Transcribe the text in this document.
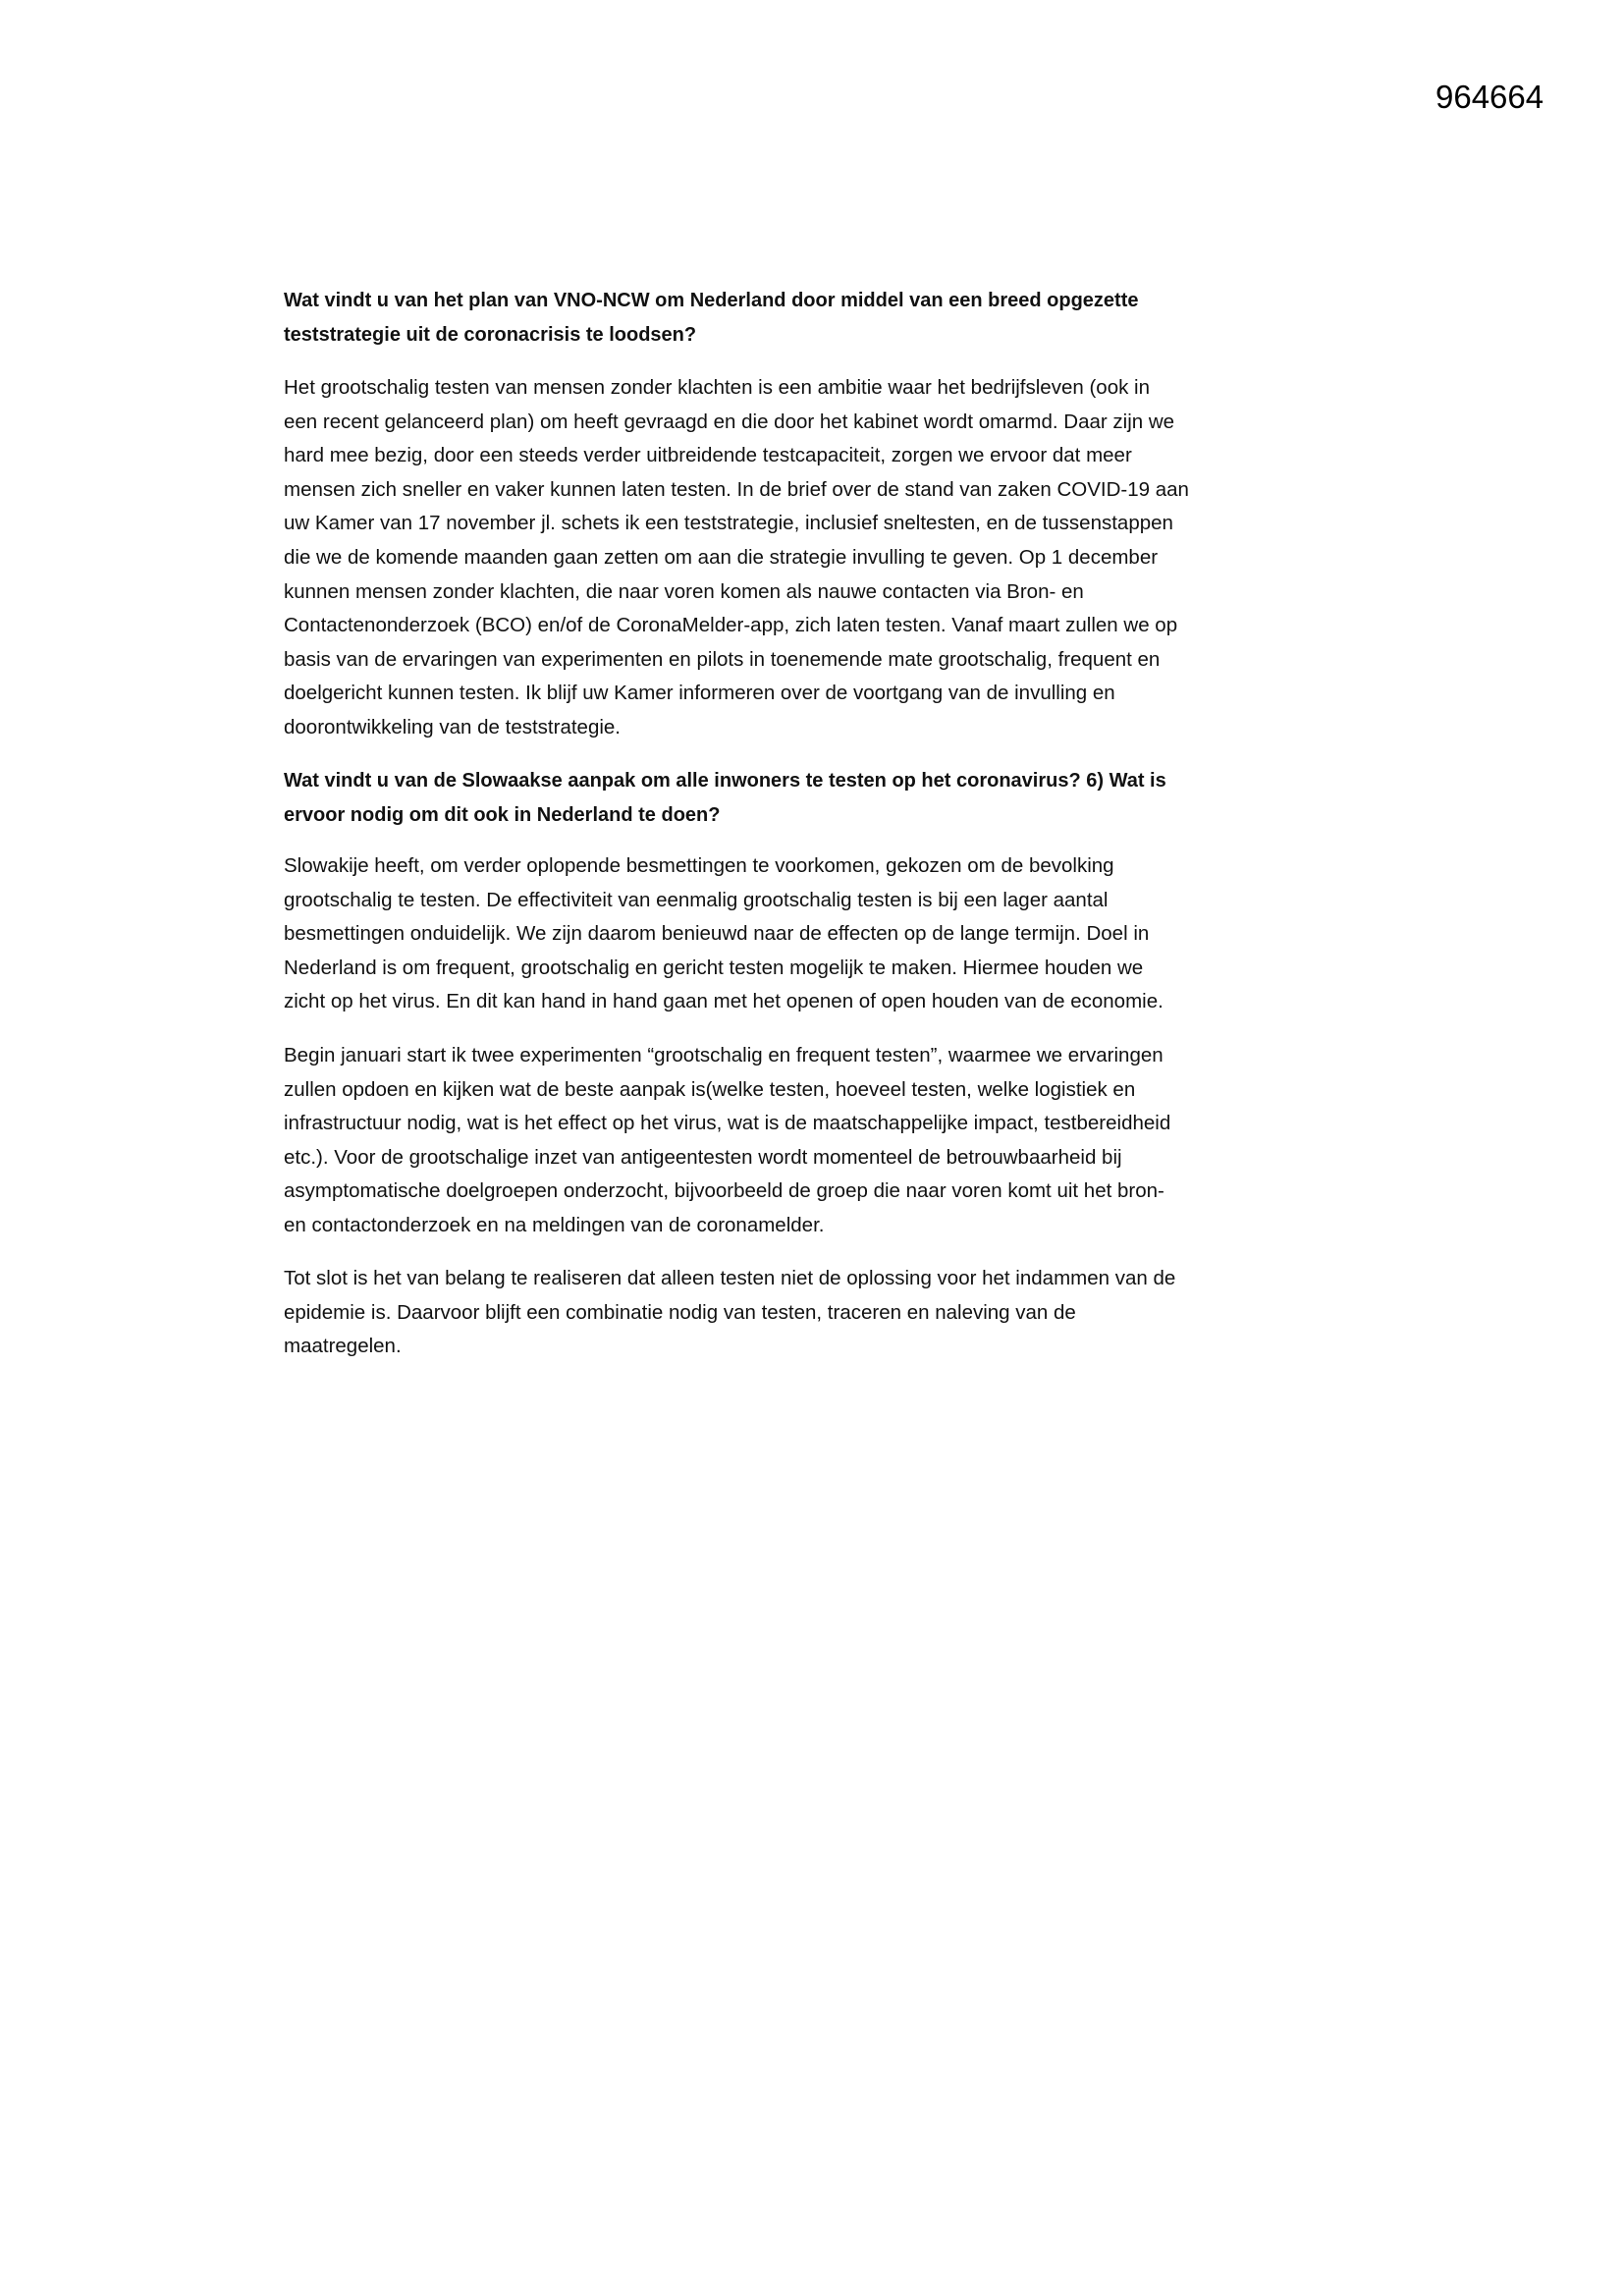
964664
Wat vindt u van het plan van VNO-NCW om Nederland door middel van een breed opgezette
teststrategie uit de coronacrisis te loodsen?
Het grootschalig testen van mensen zonder klachten is een ambitie waar het bedrijfsleven (ook in
een recent gelanceerd plan) om heeft gevraagd en die door het kabinet wordt omarmd. Daar zijn we
hard mee bezig, door een steeds verder uitbreidende testcapaciteit, zorgen we ervoor dat meer
mensen zich sneller en vaker kunnen laten testen. In de brief over de stand van zaken COVID-19 aan
uw Kamer van 17 november jl. schets ik een teststrategie, inclusief sneltesten, en de tussenstappen
die we de komende maanden gaan zetten om aan die strategie invulling te geven. Op 1 december
kunnen mensen zonder klachten, die naar voren komen als nauwe contacten via Bron- en
Contactenonderzoek (BCO) en/of de CoronaMelder-app, zich laten testen. Vanaf maart zullen we op
basis van de ervaringen van experimenten en pilots in toenemende mate grootschalig, frequent en
doelgericht kunnen testen. Ik blijf uw Kamer informeren over de voortgang van de invulling en
doorontwikkeling van de teststrategie.
Wat vindt u van de Slowaakse aanpak om alle inwoners te testen op het coronavirus? 6) Wat is
ervoor nodig om dit ook in Nederland te doen?
Slowakije heeft, om verder oplopende besmettingen te voorkomen, gekozen om de bevolking
grootschalig te testen. De effectiviteit van eenmalig grootschalig testen is bij een lager aantal
besmettingen onduidelijk. We zijn daarom benieuwd naar de effecten op de lange termijn. Doel in
Nederland is om frequent, grootschalig en gericht testen mogelijk te maken. Hiermee houden we
zicht op het virus. En dit kan hand in hand gaan met het openen of open houden van de economie.
Begin januari start ik twee experimenten “grootschalig en frequent testen”, waarmee we ervaringen
zullen opdoen en kijken wat de beste aanpak is(welke testen, hoeveel testen, welke logistiek en
infrastructuur nodig, wat is het effect op het virus, wat is de maatschappelijke impact, testbereidheid
etc.). Voor de grootschalige inzet van antigeentesten wordt momenteel de betrouwbaarheid bij
asymptomatische doelgroepen onderzocht, bijvoorbeeld de groep die naar voren komt uit het bron-
en contactonderzoek en na meldingen van de coronamelder.
Tot slot is het van belang te realiseren dat alleen testen niet de oplossing voor het indammen van de
epidemie is. Daarvoor blijft een combinatie nodig van testen, traceren en naleving van de
maatregelen.
